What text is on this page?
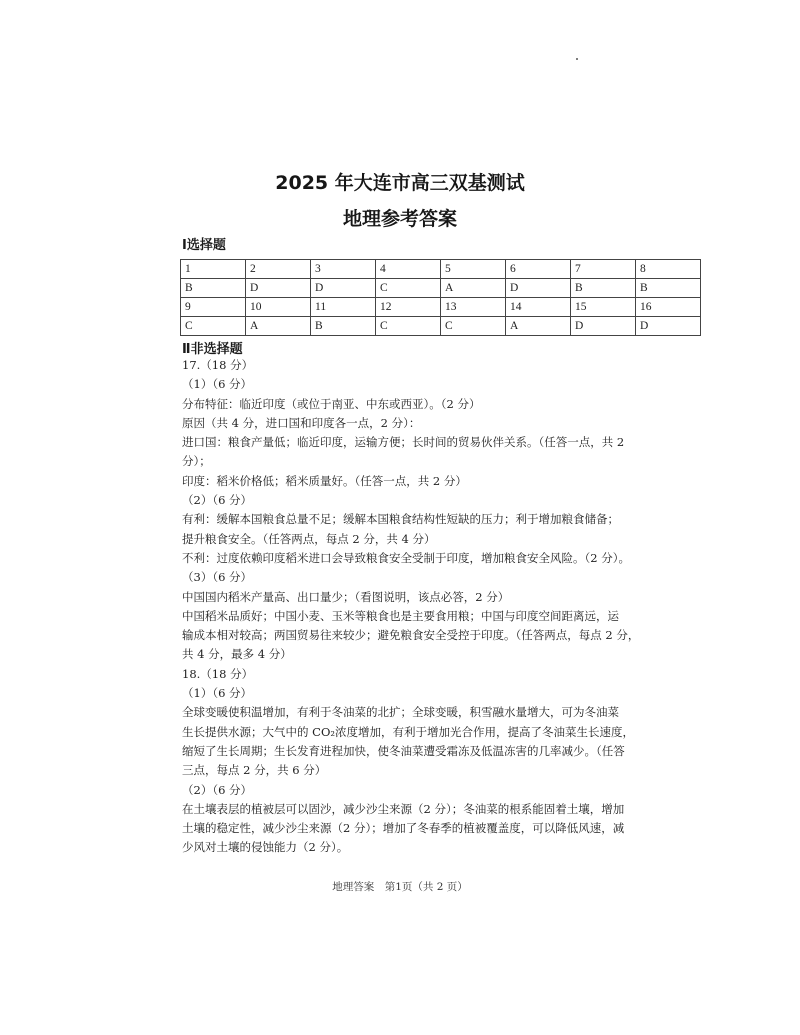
2025 年大连市高三双基测试
地理参考答案
Ⅰ选择题
1	2	3	4	5	6	7	8
B	D	D	C	A	D	B	B
9	10	11	12	13	14	15	16
C	A	B	C	C	A	D	D
Ⅱ非选择题
17.（18 分）
（1）（6 分）
分布特征：临近印度（或位于南亚、中东或西亚）。（2 分）
原因（共 4 分，进口国和印度各一点，2 分）：
进口国：粮食产量低；临近印度，运输方便；长时间的贸易伙伴关系。（任答一点，共 2
分）；
印度：稻米价格低；稻米质量好。（任答一点，共 2 分）
（2）（6 分）
有利：缓解本国粮食总量不足；缓解本国粮食结构性短缺的压力；利于增加粮食储备；
提升粮食安全。（任答两点，每点 2 分，共 4 分）
不利：过度依赖印度稻米进口会导致粮食安全受制于印度，增加粮食安全风险。（2 分）。
（3）（6 分）
中国国内稻米产量高、出口量少；（看图说明，该点必答，2 分）
中国稻米品质好；中国小麦、玉米等粮食也是主要食用粮；中国与印度空间距离远，运
输成本相对较高；两国贸易往来较少；避免粮食安全受控于印度。（任答两点，每点 2 分，
共 4 分，最多 4 分）
18.（18 分）
（1）（6 分）
全球变暖使积温增加，有利于冬油菜的北扩；全球变暖，积雪融水量增大，可为冬油菜
生长提供水源；大气中的 CO₂浓度增加，有利于增加光合作用，提高了冬油菜生长速度，
缩短了生长周期；生长发育进程加快，使冬油菜遭受霜冻及低温冻害的几率减少。（任答
三点，每点 2 分，共 6 分）
（2）（6 分）
在土壤表层的植被层可以固沙，减少沙尘来源（2 分）；冬油菜的根系能固着土壤，增加
土壤的稳定性，减少沙尘来源（2 分）；增加了冬春季的植被覆盖度，可以降低风速，减
少风对土壤的侵蚀能力（2 分）。
地理答案　第1页（共 2 页）
